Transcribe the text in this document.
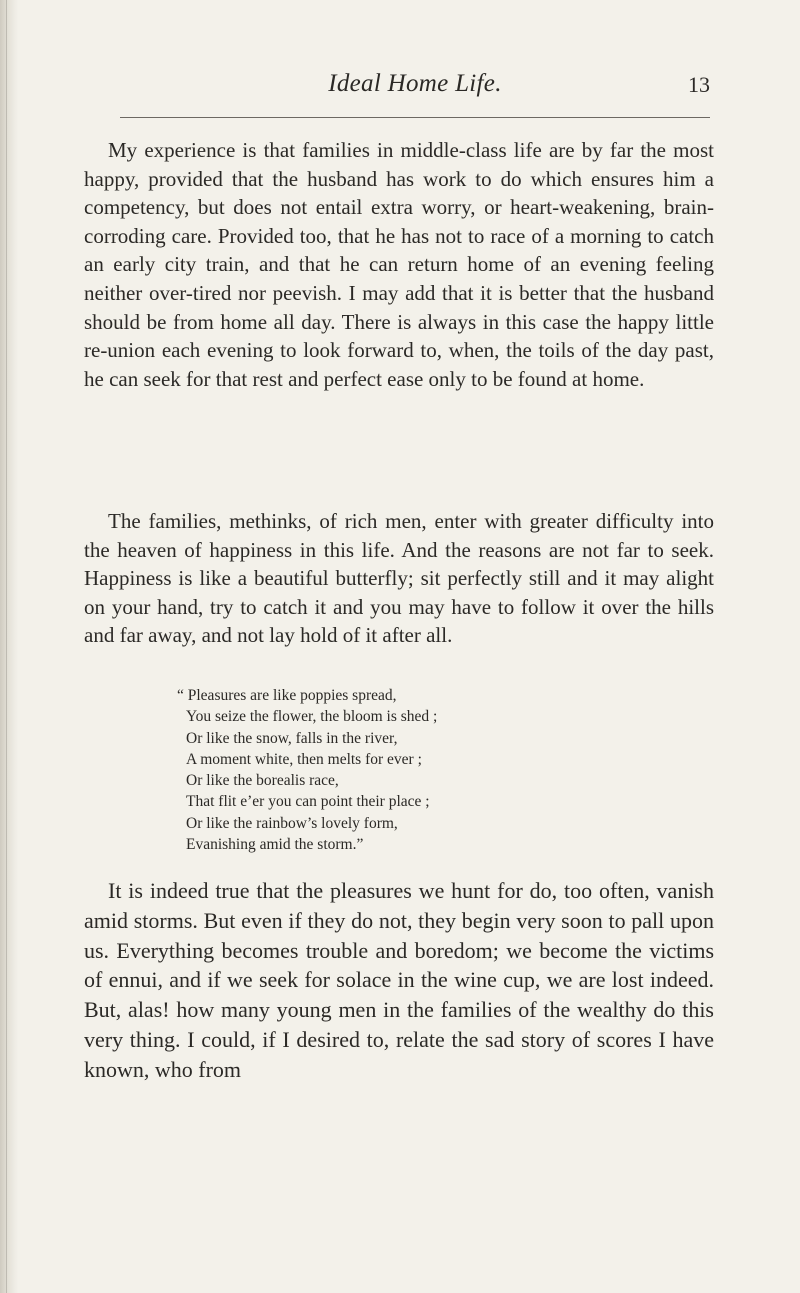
Ideal Home Life.	13

My experience is that families in middle-class life are by far the most happy, provided that the husband has work to do which ensures him a competency, but does not entail extra worry, or heart-weakening, brain-corroding care. Provided too, that he has not to race of a morning to catch an early city train, and that he can return home of an evening feeling neither over-tired nor peevish. I may add that it is better that the husband should be from home all day. There is always in this case the happy little re-union each evening to look forward to, when, the toils of the day past, he can seek for that rest and perfect ease only to be found at home.

The families, methinks, of rich men, enter with greater difficulty into the heaven of happiness in this life. And the reasons are not far to seek. Happiness is like a beautiful butterfly; sit perfectly still and it may alight on your hand, try to catch it and you may have to follow it over the hills and far away, and not lay hold of it after all.

“ Pleasures are like poppies spread,
You seize the flower, the bloom is shed ;
Or like the snow, falls in the river,
A moment white, then melts for ever ;
Or like the borealis race,
That flit e’er you can point their place ;
Or like the rainbow’s lovely form,
Evanishing amid the storm.”

It is indeed true that the pleasures we hunt for do, too often, vanish amid storms. But even if they do not, they begin very soon to pall upon us. Everything becomes trouble and boredom; we become the victims of ennui, and if we seek for solace in the wine cup, we are lost indeed. But, alas! how many young men in the families of the wealthy do this very thing. I could, if I desired to, relate the sad story of scores I have known, who from
